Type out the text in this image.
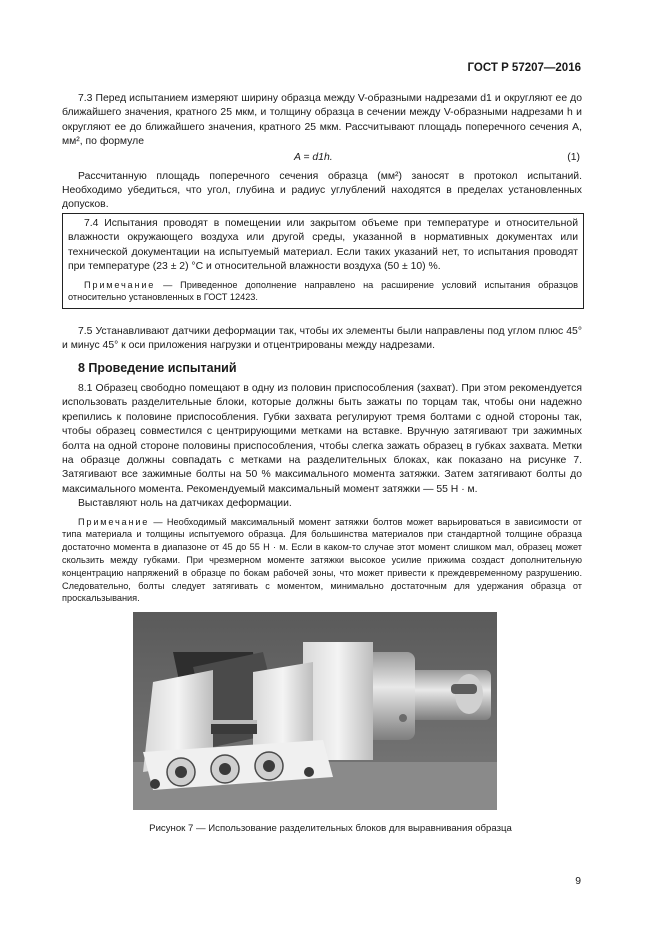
ГОСТ Р 57207—2016

7.3 Перед испытанием измеряют ширину образца между V-образными надрезами d1 и округляют ее до ближайшего значения, кратного 25 мкм, и толщину образца в сечении между V-образными надрезами h и округляют ее до ближайшего значения, кратного 25 мкм. Рассчитывают площадь поперечного сечения A, мм², по формуле

A = d1h.	(1)

Рассчитанную площадь поперечного сечения образца (мм²) заносят в протокол испытаний. Необходимо убедиться, что угол, глубина и радиус углублений находятся в пределах установленных допусков.

7.4 Испытания проводят в помещении или закрытом объеме при температуре и относительной влажности окружающего воздуха или другой среды, указанной в нормативных документах или технической документации на испытуемый материал. Если таких указаний нет, то испытания проводят при температуре (23 ± 2) °С и относительной влажности воздуха (50 ± 10) %.

Примечание — Приведенное дополнение направлено на расширение условий испытания образцов относительно установленных в ГОСТ 12423.

7.5 Устанавливают датчики деформации так, чтобы их элементы были направлены под углом плюс 45° и минус 45° к оси приложения нагрузки и отцентрированы между надрезами.

8 Проведение испытаний

8.1 Образец свободно помещают в одну из половин приспособления (захват). При этом рекомендуется использовать разделительные блоки, которые должны быть зажаты по торцам так, чтобы они надежно крепились к половине приспособления. Губки захвата регулируют тремя болтами с одной стороны так, чтобы образец совместился с центрирующими метками на вставке. Вручную затягивают три зажимных болта на одной стороне половины приспособления, чтобы слегка зажать образец в губках захвата. Метки на образце должны совпадать с метками на разделительных блоках, как показано на рисунке 7. Затягивают все зажимные болты на 50 % максимального момента затяжки. Затем затягивают болты до максимального момента. Рекомендуемый максимальный момент затяжки — 55 Н · м.

Выставляют ноль на датчиках деформации.

Примечание — Необходимый максимальный момент затяжки болтов может варьироваться в зависимости от типа материала и толщины испытуемого образца. Для большинства материалов при стандартной толщине образца достаточно момента в диапазоне от 45 до 55 Н · м. Если в каком-то случае этот момент слишком мал, образец может скользить между губками. При чрезмерном моменте затяжки высокое усилие прижима создаст дополнительную концентрацию напряжений в образце по бокам рабочей зоны, что может привести к преждевременному разрушению. Следовательно, болты следует затягивать с моментом, минимально достаточным для удержания образца от проскальзывания.

Рисунок 7 — Использование разделительных блоков для выравнивания образца
9
